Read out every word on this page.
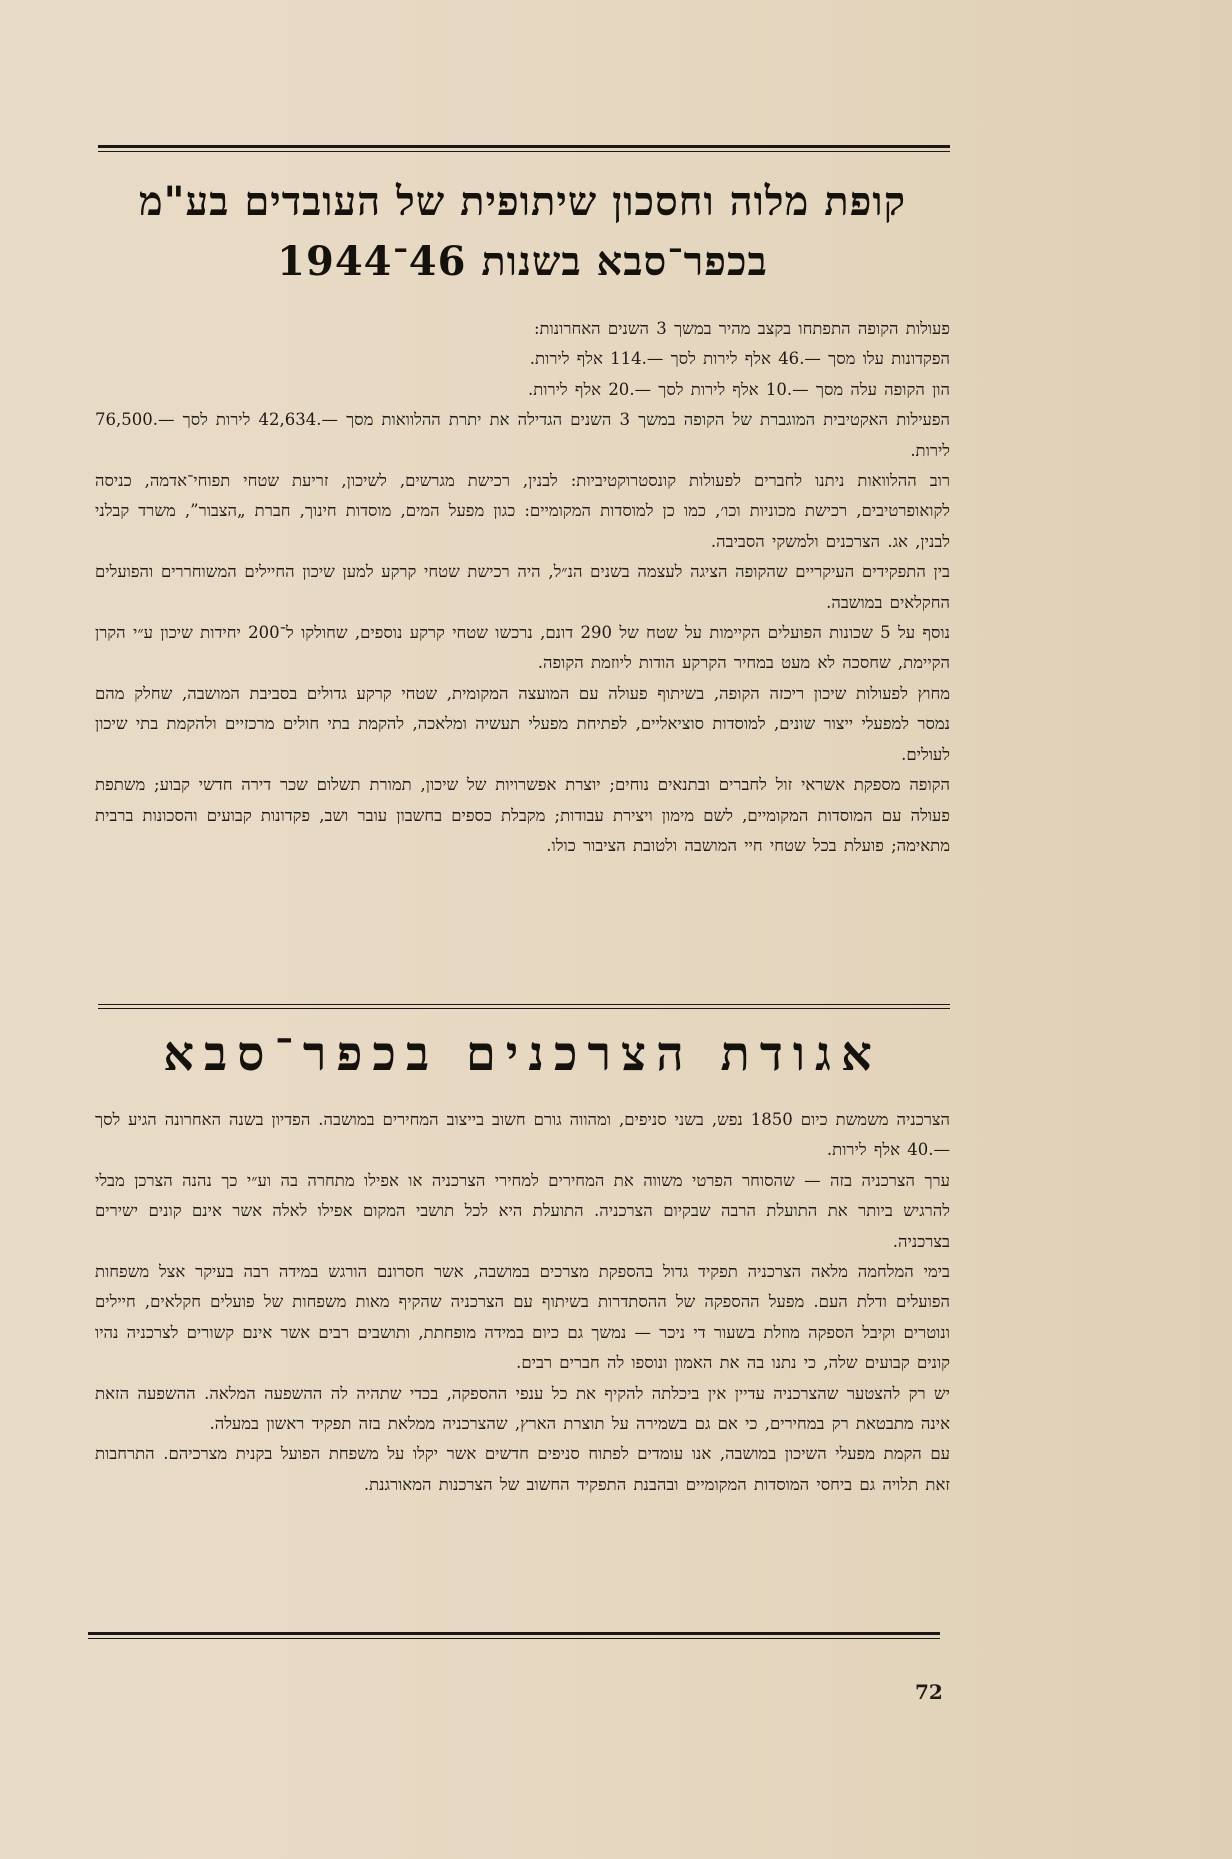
קופת מלוה וחסכון שיתופית של העובדים בע"מ
בכפר־סבא בשנות 46־1944

פעולות הקופה התפתחו בקצב מהיר במשך 3 השנים האחרונות:

הפקדונות עלו מסך —.46 אלף לירות לסך —.114 אלף לירות.

הון הקופה עלה מסך —.10 אלף לירות לסך —.20 אלף לירות.

הפעילות האקטיבית המוגברת של הקופה במשך 3 השנים הגדילה את יתרת ההלוואות מסך —.42,634 לירות לסך —.76,500 לירות.

רוב ההלוואות ניתנו לחברים לפעולות קונסטרוקטיביות: לבנין, רכישת מגרשים, לשיכון, זריעת שטחי תפוחי־אדמה, כניסה לקואופרטיבים, רכישת מכוניות וכו׳, כמו כן למוסדות המקומיים: כגון מפעל המים, מוסדות חינוך, חברת „הצבור”, משרד קבלני לבנין, אג. הצרכנים ולמשקי הסביבה.

בין התפקידים העיקריים שהקופה הציגה לעצמה בשנים הנ״ל, היה רכישת שטחי קרקע למען שיכון החיילים המשוחררים והפועלים החקלאים במושבה.

נוסף על 5 שכונות הפועלים הקיימות על שטח של 290 דונם, נרכשו שטחי קרקע נוספים, שחולקו ל־200 יחידות שיכון ע״י הקרן הקיימת, שחסכה לא מעט במחיר הקרקע הודות ליוזמת הקופה.

מחוץ לפעולות שיכון ריכזה הקופה, בשיתוף פעולה עם המועצה המקומית, שטחי קרקע גדולים בסביבת המושבה, שחלק מהם נמסר למפעלי ייצור שונים, למוסדות סוציאליים, לפתיחת מפעלי תעשיה ומלאכה, להקמת בתי חולים מרכזיים ולהקמת בתי שיכון לעולים.

הקופה מספקת אשראי זול לחברים ובתנאים נוחים; יוצרת אפשרויות של שיכון, תמורת תשלום שכר דירה חדשי קבוע; משתפת פעולה עם המוסדות המקומיים, לשם מימון ויצירת עבודות; מקבלת כספים בחשבון עובר ושב, פקדונות קבועים והסכונות ברבית מתאימה; פועלת בכל שטחי חיי המושבה ולטובת הציבור כולו.

אגודת הצרכנים בכפר־סבא

הצרכניה משמשת כיום 1850 נפש, בשני סניפים, ומהווה גורם חשוב בייצוב המחירים במושבה. הפדיון בשנה האחרונה הגיע לסך —.40 אלף לירות.

ערך הצרכניה בזה — שהסוחר הפרטי משווה את המחירים למחירי הצרכניה או אפילו מתחרה בה וע״י כך נהנה הצרכן מבלי להרגיש ביותר את התועלת הרבה שבקיום הצרכניה. התועלת היא לכל תושבי המקום אפילו לאלה אשר אינם קונים ישירים בצרכניה.

בימי המלחמה מלאה הצרכניה תפקיד גדול בהספקת מצרכים במושבה, אשר חסרונם הורגש במידה רבה בעיקר אצל משפחות הפועלים ודלת העם. מפעל ההספקה של ההסתדרות בשיתוף עם הצרכניה שהקיף מאות משפחות של פועלים חקלאים, חיילים ונוטרים וקיבל הספקה מוזלת בשעור די ניכר — נמשך גם כיום במידה מופחתת, ותושבים רבים אשר אינם קשורים לצרכניה נהיו קונים קבועים שלה, כי נתנו בה את האמון ונוספו לה חברים רבים.

יש רק להצטער שהצרכניה עדיין אין ביכלתה להקיף את כל ענפי ההספקה, בכדי שתהיה לה ההשפעה המלאה. ההשפעה הזאת אינה מתבטאת רק במחירים, כי אם גם בשמירה על תוצרת הארץ, שהצרכניה ממלאת בזה תפקיד ראשון במעלה.

עם הקמת מפעלי השיכון במושבה, אנו עומדים לפתוח סניפים חדשים אשר יקלו על משפחת הפועל בקנית מצרכיהם. התרחבות זאת תלויה גם ביחסי המוסדות המקומיים ובהבנת התפקיד החשוב של הצרכנות המאורגנת.

72
